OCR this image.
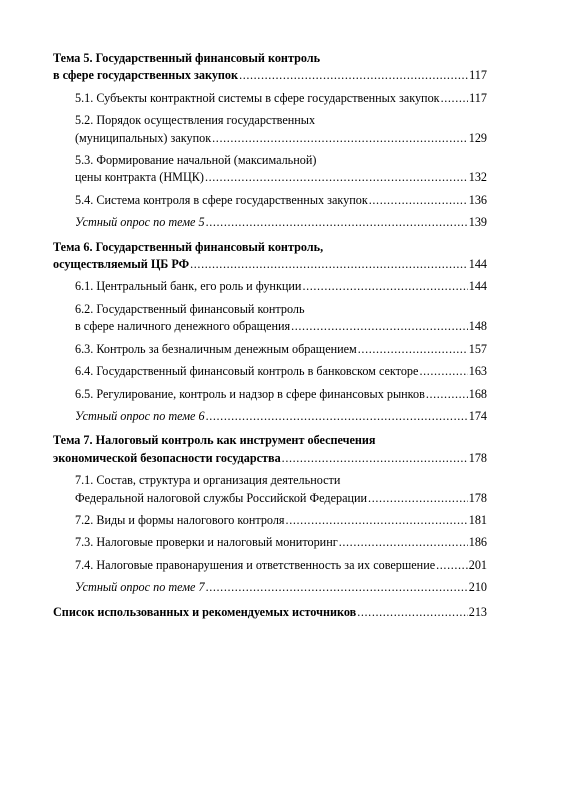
Тема 5. Государственный финансовый контроль
в сфере государственных закупок .....	117
5.1. Субъекты контрактной системы в сфере государственных закупок ..... 117
5.2. Порядок осуществления государственных
(муниципальных) закупок .....	129
5.3. Формирование начальной (максимальной)
цены контракта (НМЦК) .....	132
5.4. Система контроля в сфере государственных закупок .....	136
Устный опрос по теме 5 .....	139
Тема 6. Государственный финансовый контроль,
осуществляемый ЦБ РФ .....	144
6.1. Центральный банк, его роль и функции .....	144
6.2. Государственный финансовый контроль
в сфере наличного денежного обращения .....	148
6.3. Контроль за безналичным денежным обращением .....	157
6.4. Государственный финансовый контроль в банковском секторе .....	163
6.5. Регулирование, контроль и надзор в сфере финансовых рынков .....	168
Устный опрос по теме 6 .....	174
Тема 7. Налоговый контроль как инструмент обеспечения
экономической безопасности государства .....	178
7.1. Состав, структура и организация деятельности
Федеральной налоговой службы Российской Федерации .....	178
7.2. Виды и формы налогового контроля .....	181
7.3. Налоговые проверки и налоговый мониторинг .....	186
7.4. Налоговые правонарушения и ответственность за их совершение .....	201
Устный опрос по теме 7 .....	210
Список использованных и рекомендуемых источников .....	213
